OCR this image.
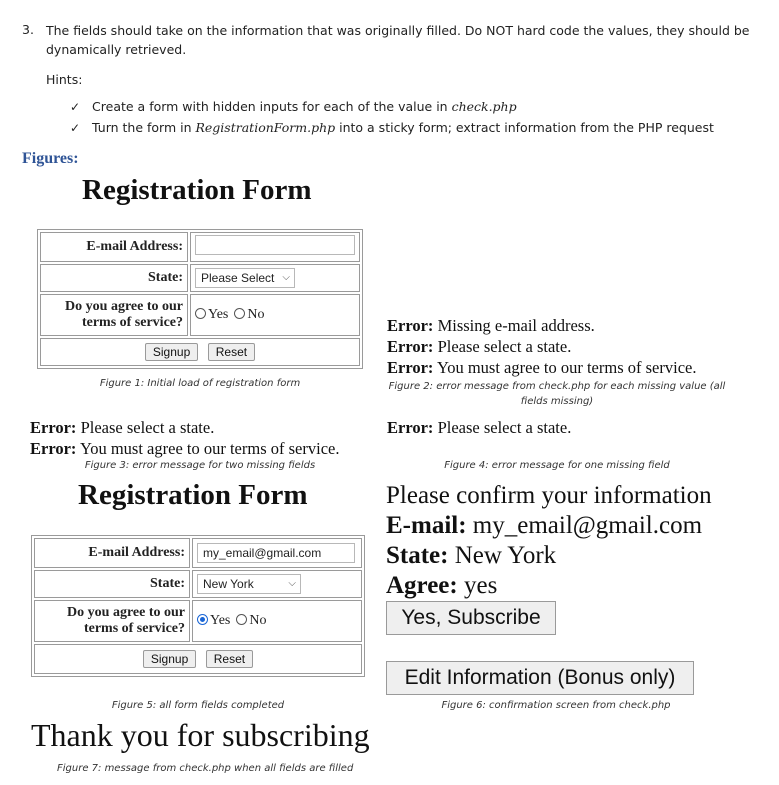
3. The fields should take on the information that was originally filled. Do NOT hard code the values, they should be
dynamically retrieved.
Hints:
✓ Create a form with hidden inputs for each of the value in check.php
✓ Turn the form in RegistrationForm.php into a sticky form; extract information from the PHP request
Figures:
Registration Form
E-mail Address:	
State:	Please Select ⌵

Do you agree to our
terms of service?	Yes No
Signup Reset	
Figure 1: Initial load of registration form
Error: Missing e-mail address.
Error: Please select a state.
Error: You must agree to our terms of service.
Figure 2: error message from check.php for each missing value (all
fields missing)
Error: Please select a state.
Error: You must agree to our terms of service.
Figure 3: error message for two missing fields
Error: Please select a state.
Figure 4: error message for one missing field
Registration Form
E-mail Address:	my_email@gmail.com
State:	New York ⌵

Do you agree to our
terms of service?	Yes No
Signup Reset	
Figure 5: all form fields completed
Please confirm your information
E-mail: my_email@gmail.com
State: New York
Agree: yes
Yes, Subscribe
Edit Information (Bonus only)
Figure 6: confirmation screen from check.php
Thank you for subscribing
Figure 7: message from check.php when all fields are filled
